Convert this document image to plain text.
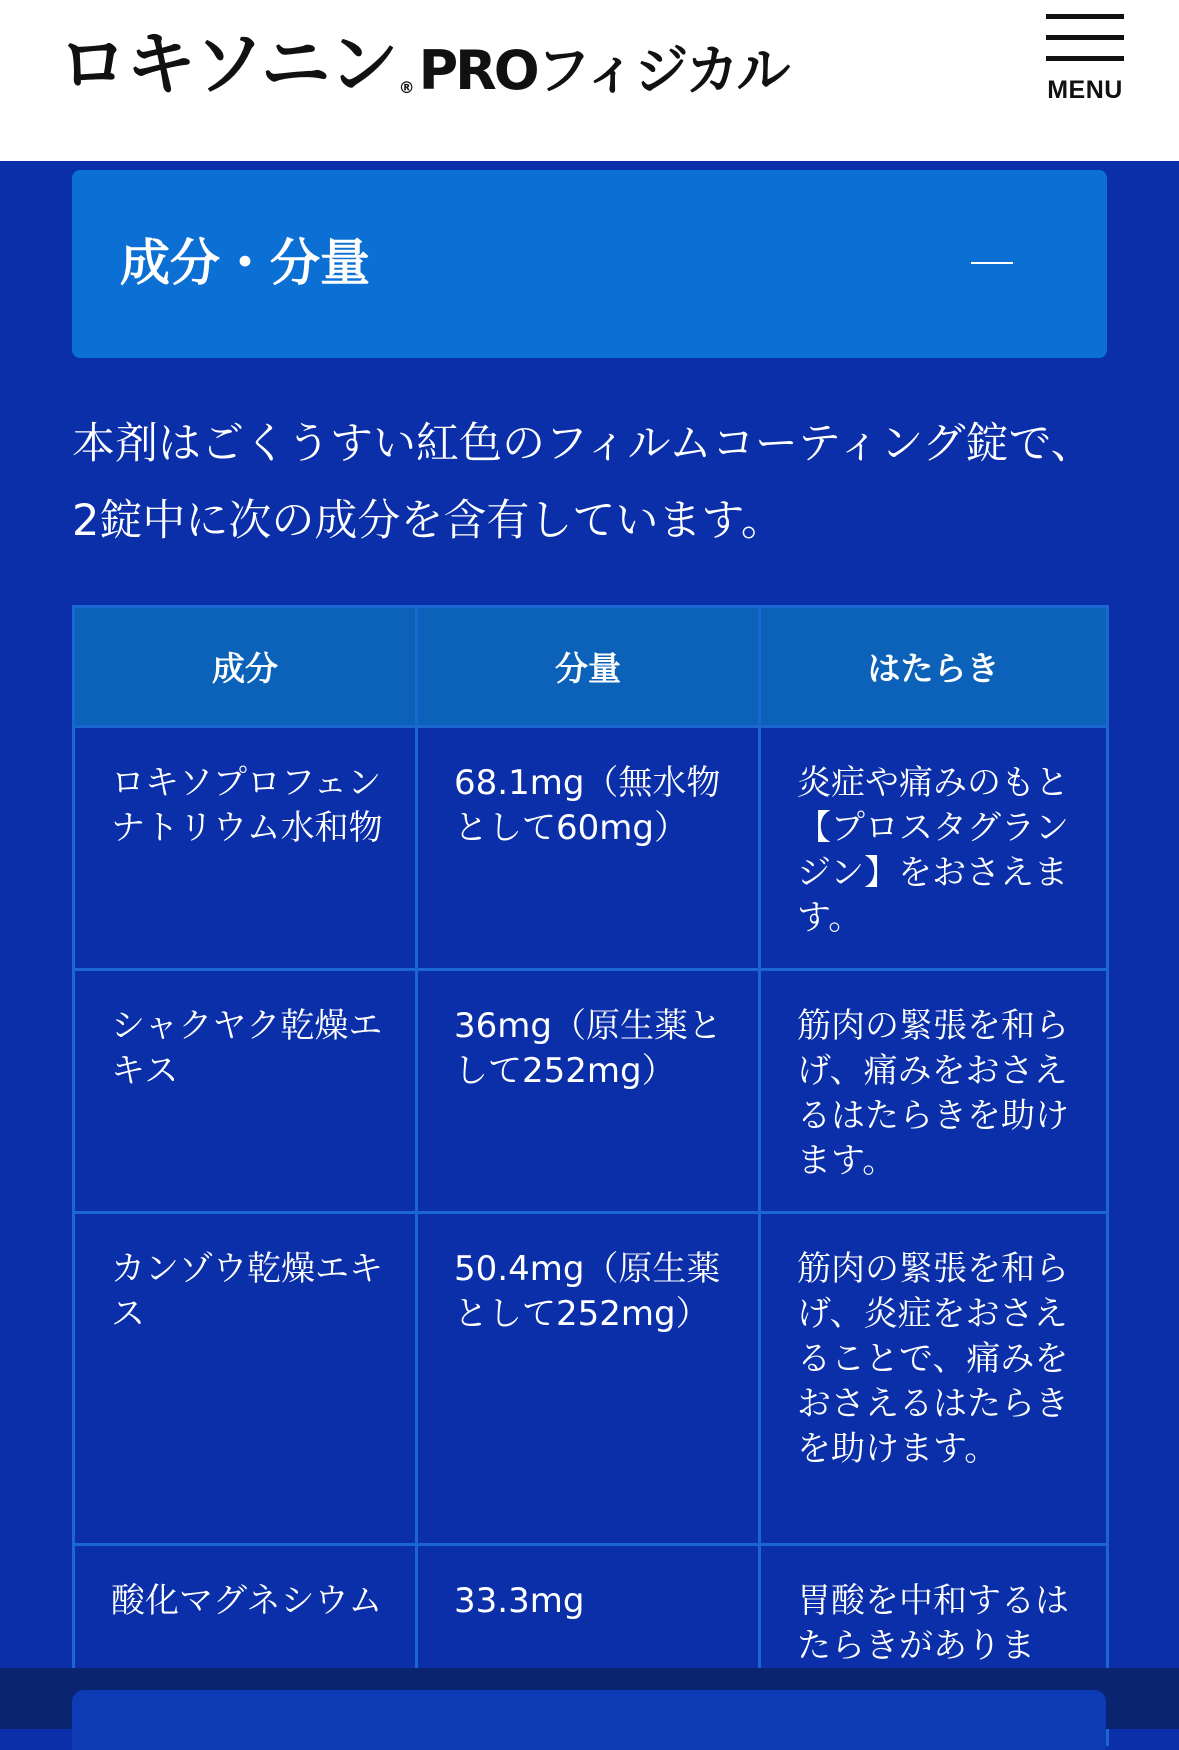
ロキソニン ® PROフィジカル	MENU
成分・分量

本剤はごくうすい紅色のフィルムコーティング錠で、2錠中に次の成分を含有しています。

成分	分量	はたらき
ロキソプロフェンナトリウム水和物	68.1mg（無水物として60mg）	炎症や痛みのもと【プロスタグランジン】をおさえます。
シャクヤク乾燥エキス	36mg（原生薬として252mg）	筋肉の緊張を和らげ、痛みをおさえるはたらきを助けます。
カンゾウ乾燥エキス	50.4mg（原生薬として252mg）	筋肉の緊張を和らげ、炎症をおさえることで、痛みをおさえるはたらきを助けます。
酸化マグネシウム	33.3mg	胃酸を中和するはたらきがありま
